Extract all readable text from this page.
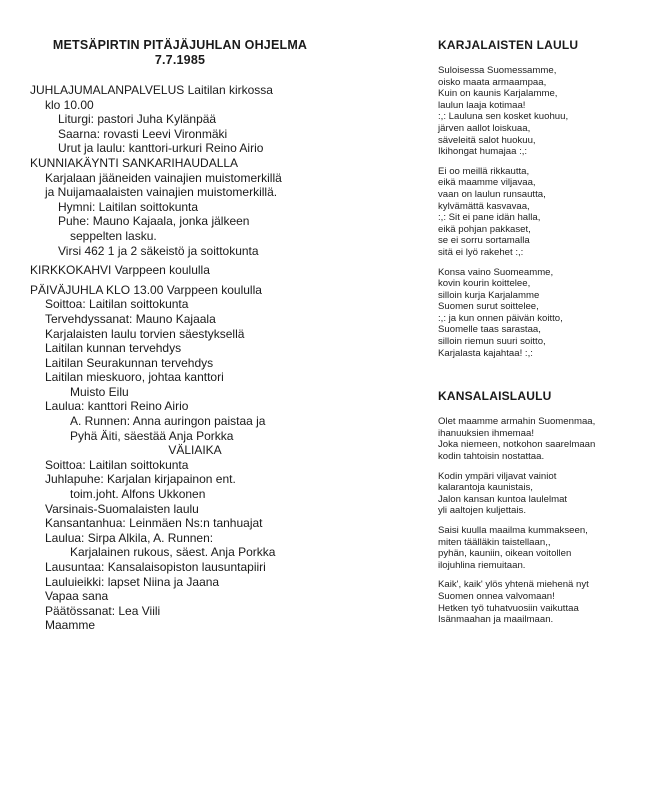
METSÄPIRTIN PITÄJÄJUHLAN OHJELMA
7.7.1985
JUHLAJUMALANPALVELUS Laitilan kirkossa
klo 10.00
Liturgi: pastori Juha Kylänpää
Saarna: rovasti Leevi Vironmäki
Urut ja laulu: kanttori-urkuri Reino Airio
KUNNIAKÄYNTI SANKARIHAUDALLA
Karjalaan jääneiden vainajien muistomerkillä
ja Nuijamaalaisten vainajien muistomerkillä.
Hymni: Laitilan soittokunta
Puhe: Mauno Kajaala, jonka jälkeen
seppelten lasku.
Virsi 462 1 ja 2 säkeistö ja soittokunta
KIRKKOKAHVI Varppeen koululla
PÄIVÄJUHLA KLO 13.00 Varppeen koululla
Soittoa: Laitilan soittokunta
Tervehdyssanat: Mauno Kajaala
Karjalaisten laulu torvien säestyksellä
Laitilan kunnan tervehdys
Laitilan Seurakunnan tervehdys
Laitilan mieskuoro, johtaa kanttori
Muisto Eilu
Laulua: kanttori Reino Airio
A. Runnen: Anna auringon paistaa ja
Pyhä Äiti, säestää Anja Porkka
VÄLIAIKA
Soittoa: Laitilan soittokunta
Juhlapuhe: Karjalan kirjapainon ent.
toim.joht. Alfons Ukkonen
Varsinais-Suomalaisten laulu
Kansantanhua: Leinmäen Ns:n tanhuajat
Laulua: Sirpa Alkila, A. Runnen:
Karjalainen rukous, säest. Anja Porkka
Lausuntaa: Kansalaisopiston lausuntapiiri
Lauluieikki: lapset Niina ja Jaana
Vapaa sana
Päätössanat: Lea Viili
Maamme
KARJALAISTEN LAULU
Suloisessa Suomessamme,
oisko maata armaampaa,
Kuin on kaunis Karjalamme,
laulun laaja kotimaa!
:,: Lauluna sen kosket kuohuu,
järven aallot loiskuaa,
säveleitä salot huokuu,
Ikihongat humajaa :,:
Ei oo meillä rikkautta,
eikä maamme viljavaa,
vaan on laulun runsautta,
kylvämättä kasvavaa,
:,: Sit ei pane idän halla,
eikä pohjan pakkaset,
se ei sorru sortamalla
sitä ei lyö rakehet :,:
Konsa vaino Suomeamme,
kovin kourin koittelee,
silloin kurja Karjalamme
Suomen surut soittelee,
:,: ja kun onnen päivän koitto,
Suomelle taas sarastaa,
silloin riemun suuri soitto,
Karjalasta kajahtaa! :,:
KANSALAISLAULU
Olet maamme armahin Suomenmaa,
ihanuuksien ihmemaa!
Joka niemeen, notkohon saarelmaan
kodin tahtoisin nostattaa.
Kodin ympäri viljavat vainiot
kalarantoja kaunistais,
Jalon kansan kuntoa laulelmat
yli aaltojen kuljettais.
Saisi kuulla maailma kummakseen,
miten täälläkin taistellaan,,
pyhän, kauniin, oikean voitollen
ilojuhlina riemuitaan.
Kaik', kaik' ylös yhtenä miehenä nyt
Suomen onnea valvomaan!
Hetken työ tuhatvuosiin vaikuttaa
Isänmaahan ja maailmaan.
